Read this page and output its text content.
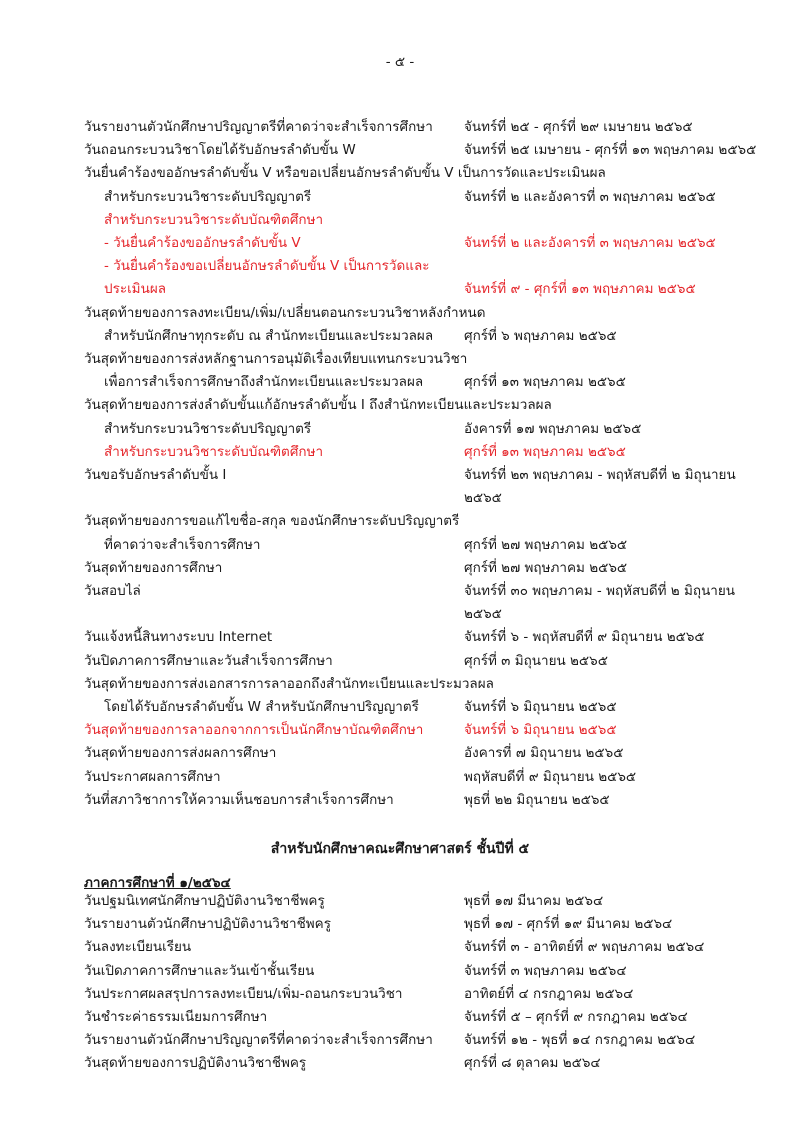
- ๕ -
วันรายงานตัวนักศึกษาปริญญาตรีที่คาดว่าจะสำเร็จการศึกษา	จันทร์ที่ ๒๕ - ศุกร์ที่ ๒๙ เมษายน ๒๕๖๕
วันถอนกระบวนวิชาโดยได้รับอักษรลำดับขั้น W	จันทร์ที่ ๒๕ เมษายน - ศุกร์ที่ ๑๓ พฤษภาคม ๒๕๖๕
วันยื่นคำร้องขออักษรลำดับขั้น V หรือขอเปลี่ยนอักษรลำดับขั้น V เป็นการวัดและประเมินผล
สำหรับกระบวนวิชาระดับปริญญาตรี	จันทร์ที่ ๒ และอังคารที่ ๓ พฤษภาคม ๒๕๖๕
สำหรับกระบวนวิชาระดับบัณฑิตศึกษา
- วันยื่นคำร้องขออักษรลำดับขั้น V	จันทร์ที่ ๒ และอังคารที่ ๓ พฤษภาคม ๒๕๖๕
- วันยื่นคำร้องขอเปลี่ยนอักษรลำดับขั้น V เป็นการวัดและ
ประเมินผล	จันทร์ที่ ๙ - ศุกร์ที่ ๑๓ พฤษภาคม ๒๕๖๕
วันสุดท้ายของการลงทะเบียน/เพิ่ม/เปลี่ยนตอนกระบวนวิชาหลังกำหนด
สำหรับนักศึกษาทุกระดับ ณ สำนักทะเบียนและประมวลผล	ศุกร์ที่ ๖ พฤษภาคม ๒๕๖๕
วันสุดท้ายของการส่งหลักฐานการอนุมัติเรื่องเทียบแทนกระบวนวิชา
เพื่อการสำเร็จการศึกษาถึงสำนักทะเบียนและประมวลผล	ศุกร์ที่ ๑๓ พฤษภาคม ๒๕๖๕
วันสุดท้ายของการส่งลำดับขั้นแก้อักษรลำดับขั้น I ถึงสำนักทะเบียนและประมวลผล
สำหรับกระบวนวิชาระดับปริญญาตรี	อังคารที่ ๑๗ พฤษภาคม ๒๕๖๕
สำหรับกระบวนวิชาระดับบัณฑิตศึกษา	ศุกร์ที่ ๑๓ พฤษภาคม ๒๕๖๕
วันขอรับอักษรลำดับขั้น I	จันทร์ที่ ๒๓ พฤษภาคม - พฤหัสบดีที่ ๒ มิถุนายน
๒๕๖๕
วันสุดท้ายของการขอแก้ไขชื่อ-สกุล ของนักศึกษาระดับปริญญาตรี
ที่คาดว่าจะสำเร็จการศึกษา	ศุกร์ที่ ๒๗ พฤษภาคม ๒๕๖๕
วันสุดท้ายของการศึกษา	ศุกร์ที่ ๒๗ พฤษภาคม ๒๕๖๕
วันสอบไล่	จันทร์ที่ ๓๐ พฤษภาคม - พฤหัสบดีที่ ๒ มิถุนายน
๒๕๖๕
วันแจ้งหนี้สินทางระบบ Internet	จันทร์ที่ ๖ - พฤหัสบดีที่ ๙ มิถุนายน ๒๕๖๕
วันปิดภาคการศึกษาและวันสำเร็จการศึกษา	ศุกร์ที่ ๓ มิถุนายน ๒๕๖๕
วันสุดท้ายของการส่งเอกสารการลาออกถึงสำนักทะเบียนและประมวลผล
โดยได้รับอักษรลำดับขั้น W สำหรับนักศึกษาปริญญาตรี	จันทร์ที่ ๖ มิถุนายน ๒๕๖๕
วันสุดท้ายของการลาออกจากการเป็นนักศึกษาบัณฑิตศึกษา	จันทร์ที่ ๖ มิถุนายน ๒๕๖๕
วันสุดท้ายของการส่งผลการศึกษา	อังคารที่ ๗ มิถุนายน ๒๕๖๕
วันประกาศผลการศึกษา	พฤหัสบดีที่ ๙ มิถุนายน ๒๕๖๕
วันที่สภาวิชาการให้ความเห็นชอบการสำเร็จการศึกษา	พุธที่ ๒๒ มิถุนายน ๒๕๖๕
สำหรับนักศึกษาคณะศึกษาศาสตร์ ชั้นปีที่ ๕
ภาคการศึกษาที่ ๑/๒๕๖๔
วันปฐมนิเทศนักศึกษาปฏิบัติงานวิชาชีพครู	พุธที่ ๑๗ มีนาคม ๒๕๖๔
วันรายงานตัวนักศึกษาปฏิบัติงานวิชาชีพครู	พุธที่ ๑๗ - ศุกร์ที่ ๑๙ มีนาคม ๒๕๖๔
วันลงทะเบียนเรียน	จันทร์ที่ ๓ - อาทิตย์ที่ ๙ พฤษภาคม ๒๕๖๔
วันเปิดภาคการศึกษาและวันเข้าชั้นเรียน	จันทร์ที่ ๓ พฤษภาคม ๒๕๖๔
วันประกาศผลสรุปการลงทะเบียน/เพิ่ม-ถอนกระบวนวิชา	อาทิตย์ที่ ๔ กรกฎาคม ๒๕๖๔
วันชำระค่าธรรมเนียมการศึกษา	จันทร์ที่ ๕ – ศุกร์ที่ ๙ กรกฎาคม ๒๕๖๔
วันรายงานตัวนักศึกษาปริญญาตรีที่คาดว่าจะสำเร็จการศึกษา	จันทร์ที่ ๑๒ - พุธที่ ๑๔ กรกฎาคม ๒๕๖๔
วันสุดท้ายของการปฏิบัติงานวิชาชีพครู	ศุกร์ที่ ๘ ตุลาคม ๒๕๖๔
